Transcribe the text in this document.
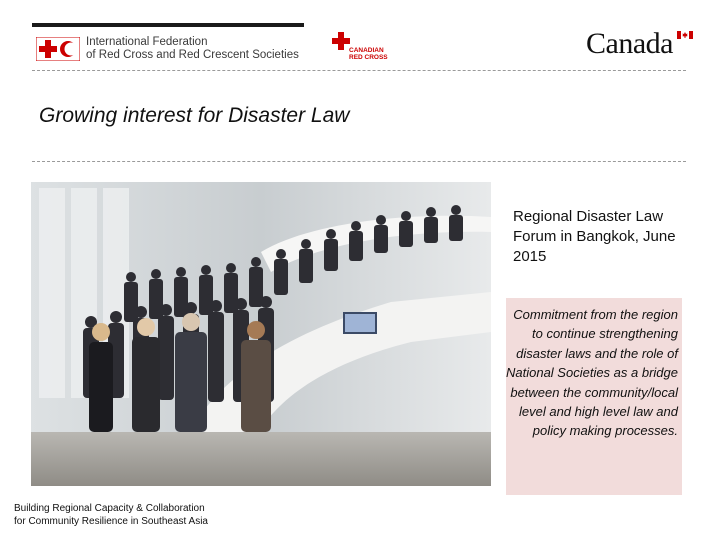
International Federation
of Red Cross and Red Crescent Societies	CANADIAN
RED CROSS	Canada
Growing interest for Disaster Law
Regional Disaster Law Forum in Bangkok, June 2015
Commitment from the region to continue strengthening disaster laws and the role of National Societies as a bridge between the community/local level and high level law and policy making processes.
Building Regional Capacity & Collaboration
for Community Resilience in Southeast Asia
